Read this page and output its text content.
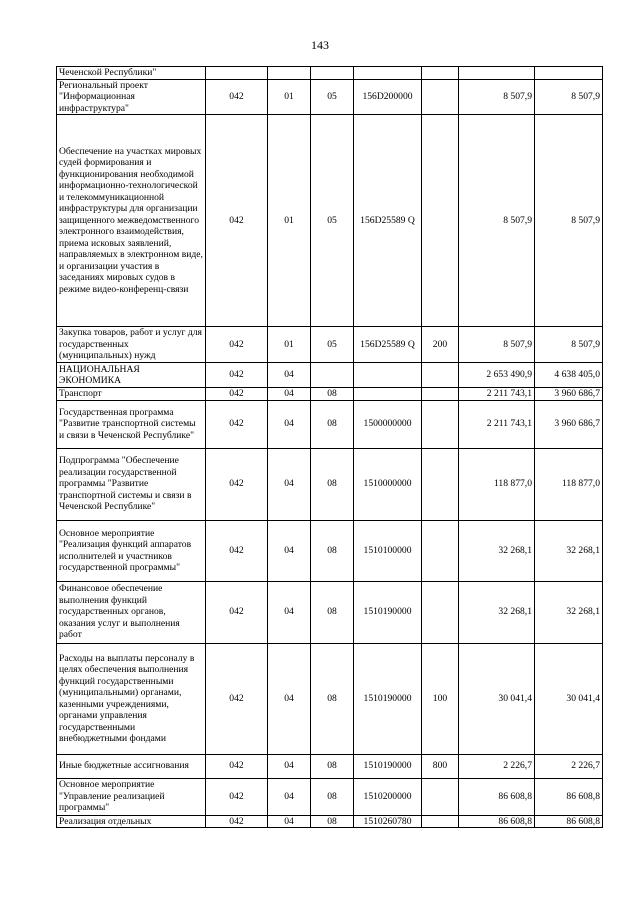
143
Чеченской Республики"							
Региональный проект "Информационная инфраструктура"	042	01	05	156D200000		8 507,9	8 507,9
Обеспечение на участках мировых судей формирования и функционирования необходимой информационно-технологической и телекоммуникационной инфраструктуры для организации защищенного межведомственного электронного взаимодействия, приема исковых заявлений, направляемых в электронном виде, и организации участия в заседаниях мировых судов в режиме видео-конференц-связи	042	01	05	156D25589 Q		8 507,9	8 507,9
Закупка товаров, работ и услуг для государственных (муниципальных) нужд	042	01	05	156D25589 Q	200	8 507,9	8 507,9
НАЦИОНАЛЬНАЯ ЭКОНОМИКА	042	04				2 653 490,9	4 638 405,0
Транспорт	042	04	08			2 211 743,1	3 960 686,7
Государственная программа "Развитие транспортной системы и связи в Чеченской Республике"	042	04	08	1500000000		2 211 743,1	3 960 686,7
Подпрограмма "Обеспечение реализации государственной программы "Развитие транспортной системы и связи в Чеченской Республике"	042	04	08	1510000000		118 877,0	118 877,0
Основное мероприятие "Реализация функций аппаратов исполнителей и участников государственной программы"	042	04	08	1510100000		32 268,1	32 268,1
Финансовое обеспечение выполнения функций государственных органов, оказания услуг и выполнения работ	042	04	08	1510190000		32 268,1	32 268,1
Расходы на выплаты персоналу в целях обеспечения выполнения функций государственными (муниципальными) органами, казенными учреждениями, органами управления государственными внебюджетными фондами	042	04	08	1510190000	100	30 041,4	30 041,4
Иные бюджетные ассигнования	042	04	08	1510190000	800	2 226,7	2 226,7
Основное мероприятие "Управление реализацией программы"	042	04	08	1510200000		86 608,8	86 608,8
Реализация отдельных	042	04	08	1510260780		86 608,8	86 608,8
